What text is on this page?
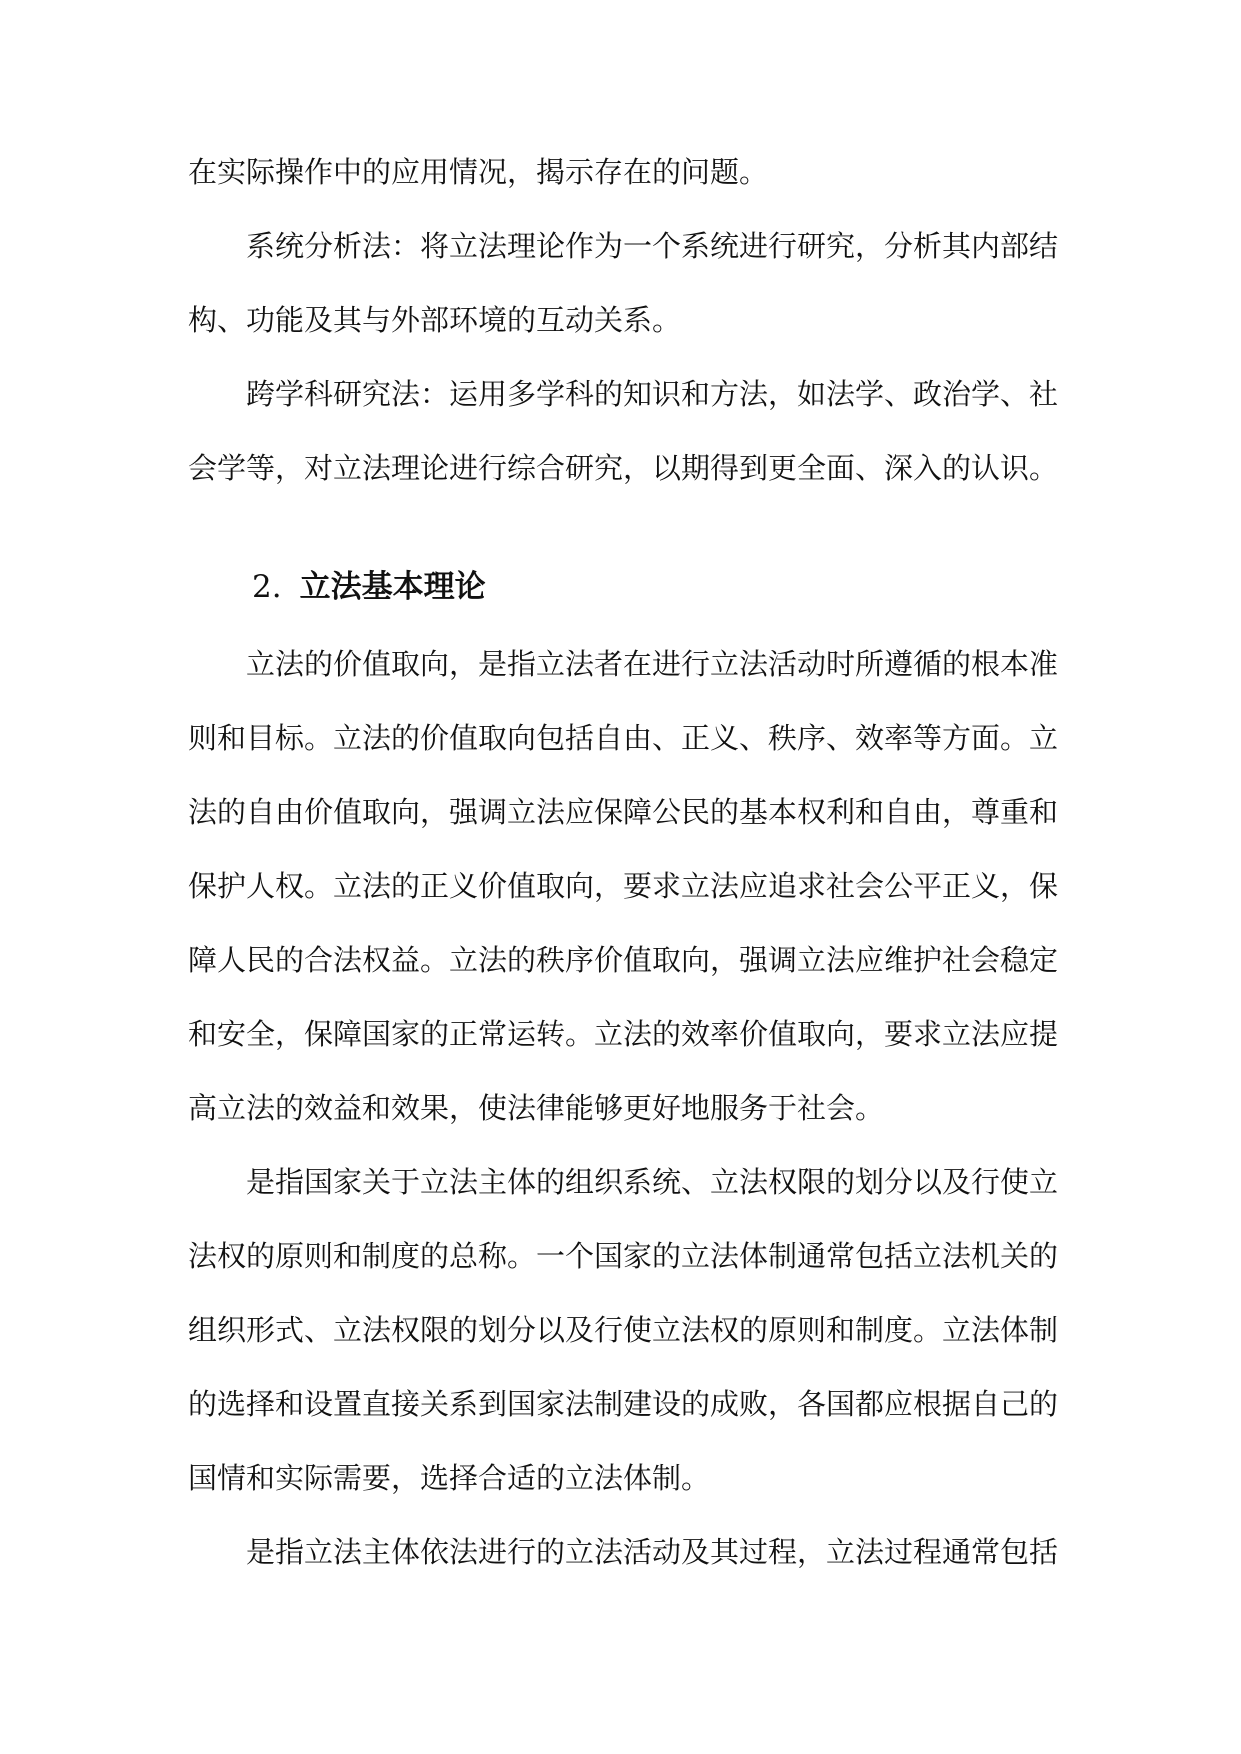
在实际操作中的应用情况，揭示存在的问题。
系统分析法：将立法理论作为一个系统进行研究，分析其内部结
构、功能及其与外部环境的互动关系。
跨学科研究法：运用多学科的知识和方法，如法学、政治学、社
会学等，对立法理论进行综合研究，以期得到更全面、深入的认识。
2. 立法基本理论
立法的价值取向，是指立法者在进行立法活动时所遵循的根本准
则和目标。立法的价值取向包括自由、正义、秩序、效率等方面。立
法的自由价值取向，强调立法应保障公民的基本权利和自由，尊重和
保护人权。立法的正义价值取向，要求立法应追求社会公平正义，保
障人民的合法权益。立法的秩序价值取向，强调立法应维护社会稳定
和安全，保障国家的正常运转。立法的效率价值取向，要求立法应提
高立法的效益和效果，使法律能够更好地服务于社会。
是指国家关于立法主体的组织系统、立法权限的划分以及行使立
法权的原则和制度的总称。一个国家的立法体制通常包括立法机关的
组织形式、立法权限的划分以及行使立法权的原则和制度。立法体制
的选择和设置直接关系到国家法制建设的成败，各国都应根据自己的
国情和实际需要，选择合适的立法体制。
是指立法主体依法进行的立法活动及其过程，立法过程通常包括
